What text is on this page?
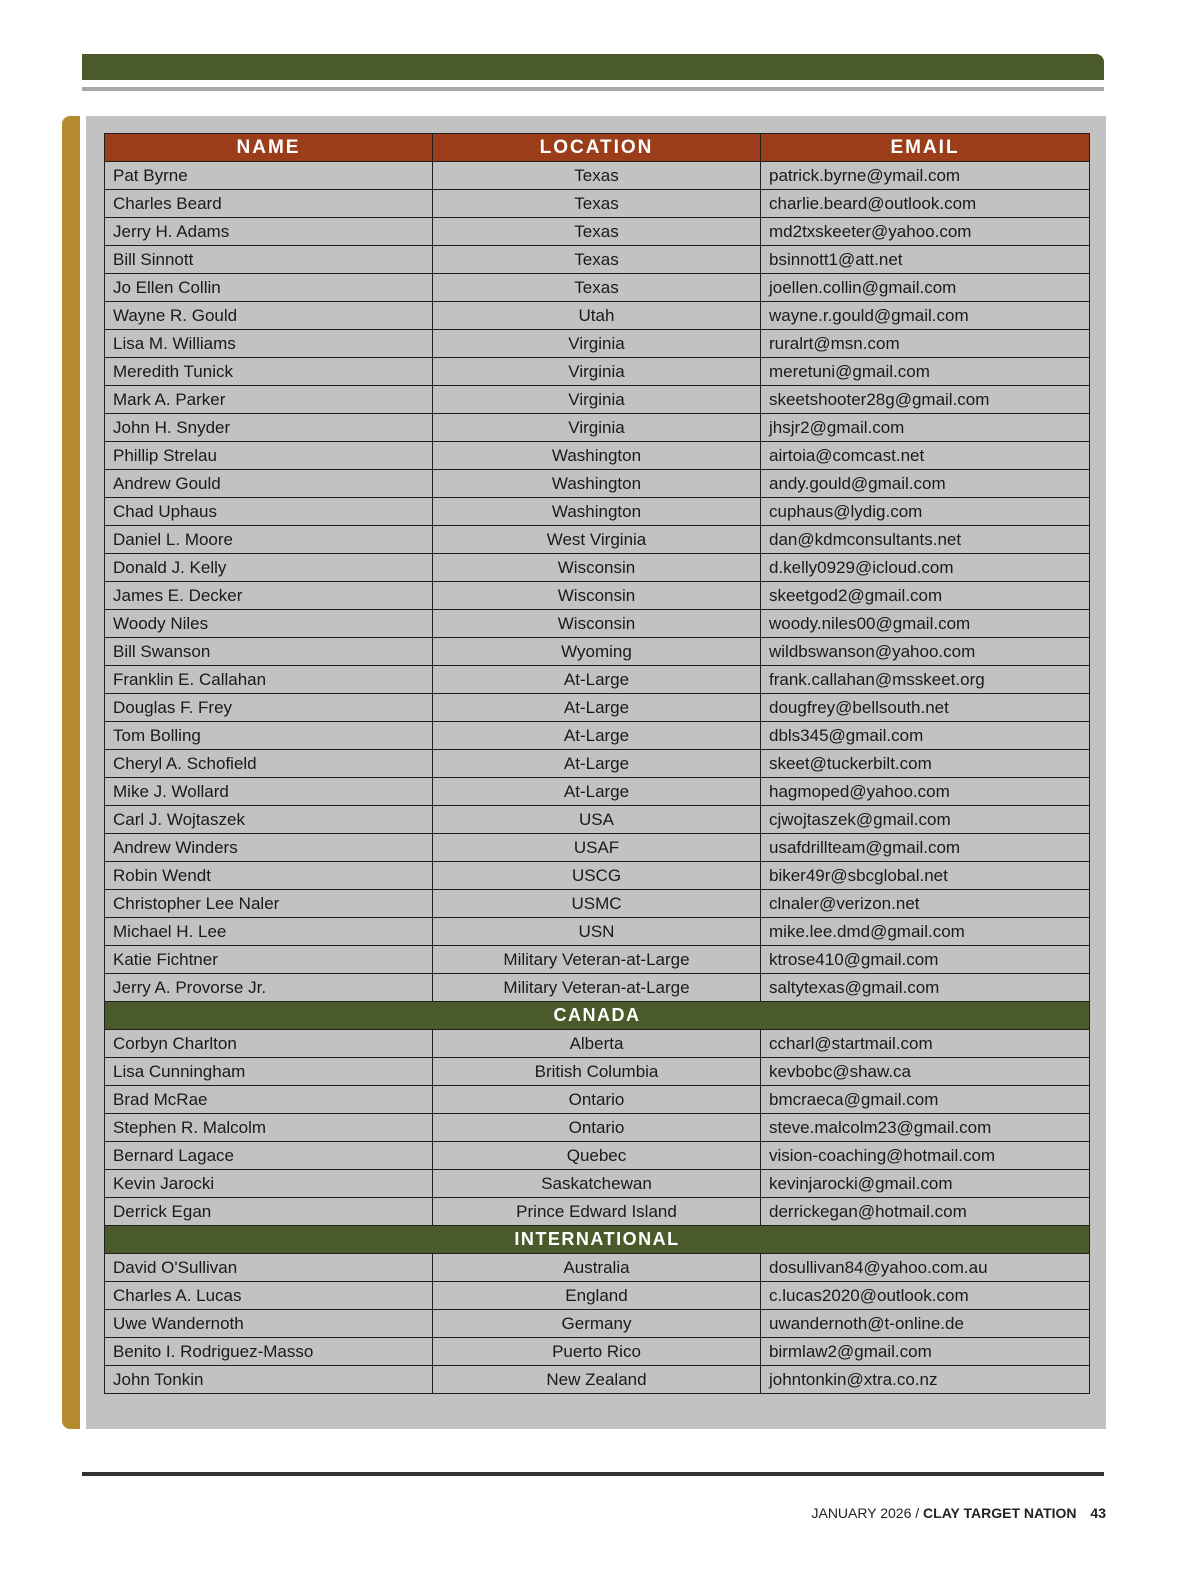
NAME	LOCATION	EMAIL
Pat Byrne	Texas	patrick.byrne@ymail.com
Charles Beard	Texas	charlie.beard@outlook.com
Jerry H. Adams	Texas	md2txskeeter@yahoo.com
Bill Sinnott	Texas	bsinnott1@att.net
Jo Ellen Collin	Texas	joellen.collin@gmail.com
Wayne R. Gould	Utah	wayne.r.gould@gmail.com
Lisa M. Williams	Virginia	ruralrt@msn.com
Meredith Tunick	Virginia	meretuni@gmail.com
Mark A. Parker	Virginia	skeetshooter28g@gmail.com
John H. Snyder	Virginia	jhsjr2@gmail.com
Phillip Strelau	Washington	airtoia@comcast.net
Andrew Gould	Washington	andy.gould@gmail.com
Chad Uphaus	Washington	cuphaus@lydig.com
Daniel L. Moore	West Virginia	dan@kdmconsultants.net
Donald J. Kelly	Wisconsin	d.kelly0929@icloud.com
James E. Decker	Wisconsin	skeetgod2@gmail.com
Woody Niles	Wisconsin	woody.niles00@gmail.com
Bill Swanson	Wyoming	wildbswanson@yahoo.com
Franklin E. Callahan	At-Large	frank.callahan@msskeet.org
Douglas F. Frey	At-Large	dougfrey@bellsouth.net
Tom Bolling	At-Large	dbls345@gmail.com
Cheryl A. Schofield	At-Large	skeet@tuckerbilt.com
Mike J. Wollard	At-Large	hagmoped@yahoo.com
Carl J. Wojtaszek	USA	cjwojtaszek@gmail.com
Andrew Winders	USAF	usafdrillteam@gmail.com
Robin Wendt	USCG	biker49r@sbcglobal.net
Christopher Lee Naler	USMC	clnaler@verizon.net
Michael H. Lee	USN	mike.lee.dmd@gmail.com
Katie Fichtner	Military Veteran-at-Large	ktrose410@gmail.com
Jerry A. Provorse Jr.	Military Veteran-at-Large	saltytexas@gmail.com
CANADA		
Corbyn Charlton	Alberta	ccharl@startmail.com
Lisa Cunningham	British Columbia	kevbobc@shaw.ca
Brad McRae	Ontario	bmcraeca@gmail.com
Stephen R. Malcolm	Ontario	steve.malcolm23@gmail.com
Bernard Lagace	Quebec	vision-coaching@hotmail.com
Kevin Jarocki	Saskatchewan	kevinjarocki@gmail.com
Derrick Egan	Prince Edward Island	derrickegan@hotmail.com
INTERNATIONAL		
David O'Sullivan	Australia	dosullivan84@yahoo.com.au
Charles A. Lucas	England	c.lucas2020@outlook.com
Uwe Wandernoth	Germany	uwandernoth@t-online.de
Benito I. Rodriguez-Masso	Puerto Rico	birmlaw2@gmail.com
John Tonkin	New Zealand	johntonkin@xtra.co.nz
JANUARY 2026 / CLAY TARGET NATION 43
